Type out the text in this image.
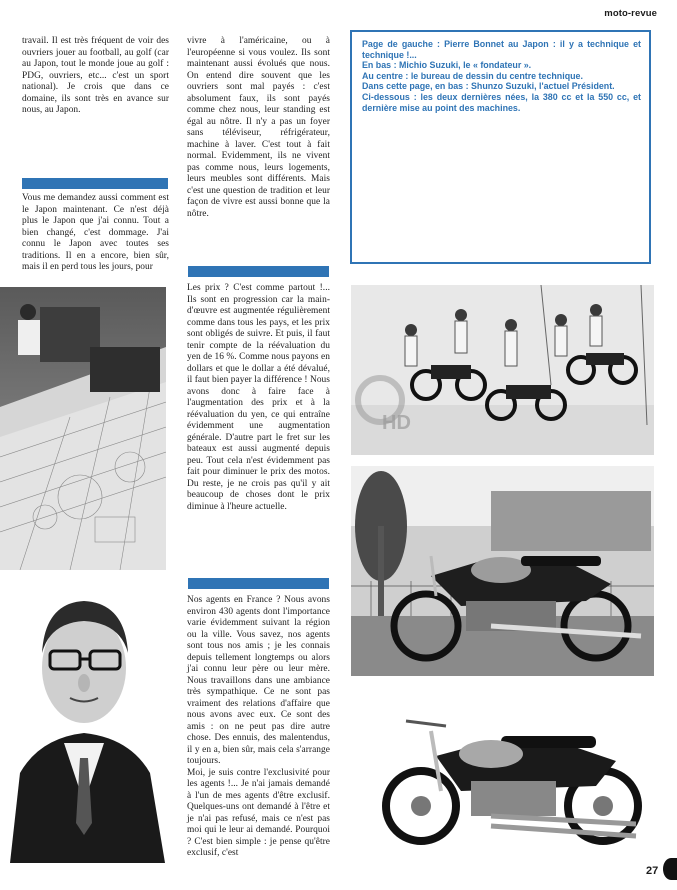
moto-revue

travail. Il est très fréquent de voir des ouvriers jouer au football, au golf (car au Japon, tout le monde joue au golf : PDG, ouvriers, etc... c'est un sport national). Je crois que dans ce domaine, ils sont très en avance sur nous, au Japon.

Vous me demandez aussi comment est le Japon maintenant. Ce n'est déjà plus le Japon que j'ai connu. Tout a bien changé, c'est dommage. J'ai connu le Japon avec toutes ses traditions. Il en a encore, bien sûr, mais il en perd tous les jours, pour

vivre à l'américaine, ou à l'européenne si vous voulez. Ils sont maintenant aussi évolués que nous. On entend dire souvent que les ouvriers sont mal payés : c'est absolument faux, ils sont payés comme chez nous, leur standing est égal au nôtre. Il n'y a pas un foyer sans téléviseur, réfrigérateur, machine à laver. C'est tout à fait normal. Evidemment, ils ne vivent pas comme nous, leurs logements, leurs meubles sont différents. Mais c'est une question de tradition et leur façon de vivre est aussi bonne que la nôtre.

Les prix ? C'est comme partout !... Ils sont en progression car la main-d'œuvre est augmentée régulièrement comme dans tous les pays, et les prix sont obligés de suivre. Et puis, il faut tenir compte de la réévaluation du yen de 16 %. Comme nous payons en dollars et que le dollar a été dévalué, il faut bien payer la différence ! Nous avons donc à faire face à l'augmentation des prix et à la réévaluation du yen, ce qui entraîne évidemment une augmentation générale. D'autre part le fret sur les bateaux est aussi augmenté depuis peu. Tout cela n'est évidemment pas fait pour diminuer le prix des motos. Du reste, je ne crois pas qu'il y ait beaucoup de choses dont le prix diminue à l'heure actuelle.

Nos agents en France ? Nous avons environ 430 agents dont l'importance varie évidemment suivant la région ou la ville. Vous savez, nos agents sont tous nos amis ; je les connais depuis tellement longtemps ou alors j'ai connu leur père ou leur mère. Nous travaillons dans une ambiance très sympathique. Ce ne sont pas vraiment des relations d'affaire que nous avons avec eux. Ce sont des amis : on ne peut pas dire autre chose. Des ennuis, des malentendus, il y en a, bien sûr, mais cela s'arrange toujours.

Moi, je suis contre l'exclusivité pour les agents !... Je n'ai jamais demandé à l'un de mes agents d'être exclusif. Quelques-uns ont demandé à l'être et je n'ai pas refusé, mais ce n'est pas moi qui le leur ai demandé. Pourquoi ? C'est bien simple : je pense qu'être exclusif, c'est

Page de gauche : Pierre Bonnet au Japon : il y a technique et technique !...

En bas : Michio Suzuki, le « fondateur ».

Au centre : le bureau de dessin du centre technique.

Dans cette page, en bas : Shunzo Suzuki, l'actuel Président.

Ci-dessous : les deux dernières nées, la 380 cc et la 550 cc, et dernière mise au point des machines.

HD
27
